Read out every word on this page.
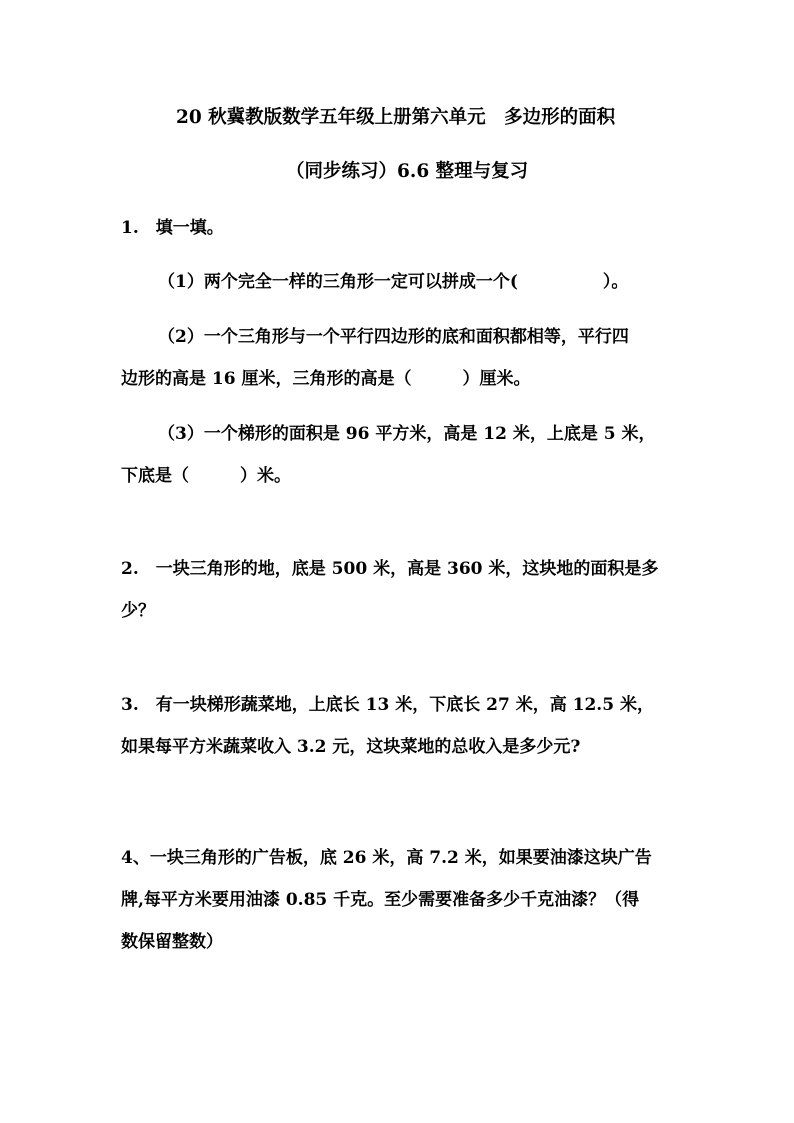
20 秋冀教版数学五年级上册第六单元　多边形的面积
（同步练习）6.6 整理与复习
1.　填一填。
（1）两个完全一样的三角形一定可以拼成一个(　　　　　）。
（2）一个三角形与一个平行四边形的底和面积都相等，平行四
边形的高是 16 厘米，三角形的高是（　　　）厘米。
（3）一个梯形的面积是 96 平方米，高是 12 米，上底是 5 米，
下底是（　　　）米。
2.　一块三角形的地，底是 500 米，高是 360 米，这块地的面积是多
少？
3.　有一块梯形蔬菜地，上底长 13 米，下底长 27 米，高 12.5 米，
如果每平方米蔬菜收入 3.2 元，这块菜地的总收入是多少元?
4、一块三角形的广告板，底 26 米，高 7.2 米，如果要油漆这块广告
牌,每平方米要用油漆 0.85 千克。至少需要准备多少千克油漆？（得
数保留整数）
